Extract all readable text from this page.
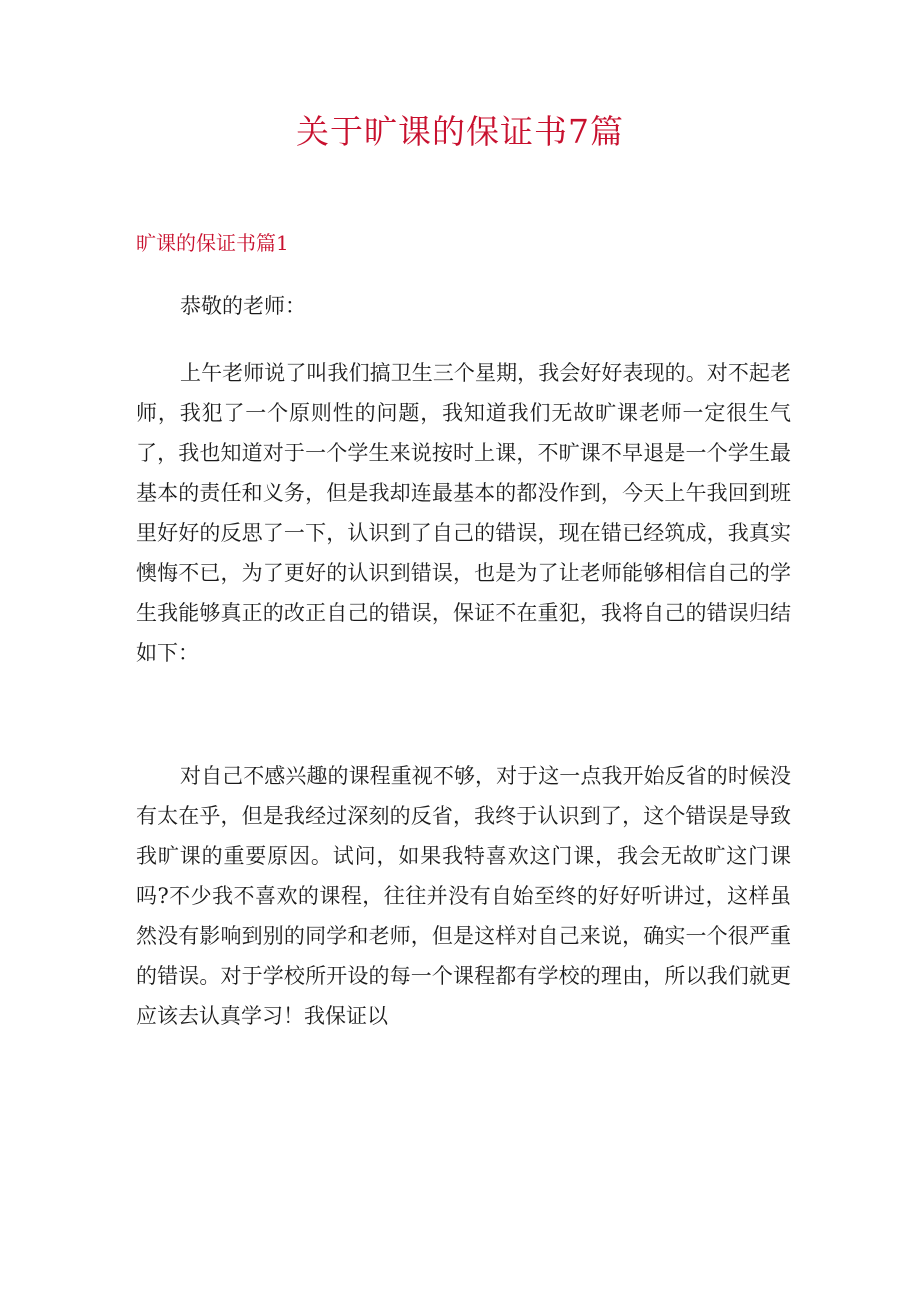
关于旷课的保证书7篇
旷课的保证书篇1

恭敬的老师：

上午老师说了叫我们搞卫生三个星期，我会好好表现的。对不起老师，我犯了一个原则性的问题，我知道我们无故旷课老师一定很生气了，我也知道对于一个学生来说按时上课，不旷课不早退是一个学生最基本的责任和义务，但是我却连最基本的都没作到，今天上午我回到班里好好的反思了一下，认识到了自己的错误，现在错已经筑成，我真实懊悔不已，为了更好的认识到错误，也是为了让老师能够相信自己的学生我能够真正的改正自己的错误，保证不在重犯，我将自己的错误归结如下：

对自己不感兴趣的课程重视不够，对于这一点我开始反省的时候没有太在乎，但是我经过深刻的反省，我终于认识到了，这个错误是导致我旷课的重要原因。试问，如果我特喜欢这门课，我会无故旷这门课吗?不少我不喜欢的课程，往往并没有自始至终的好好听讲过，这样虽然没有影响到别的同学和老师，但是这样对自己来说，确实一个很严重的错误。对于学校所开设的每一个课程都有学校的理由，所以我们就更应该去认真学习！我保证以
